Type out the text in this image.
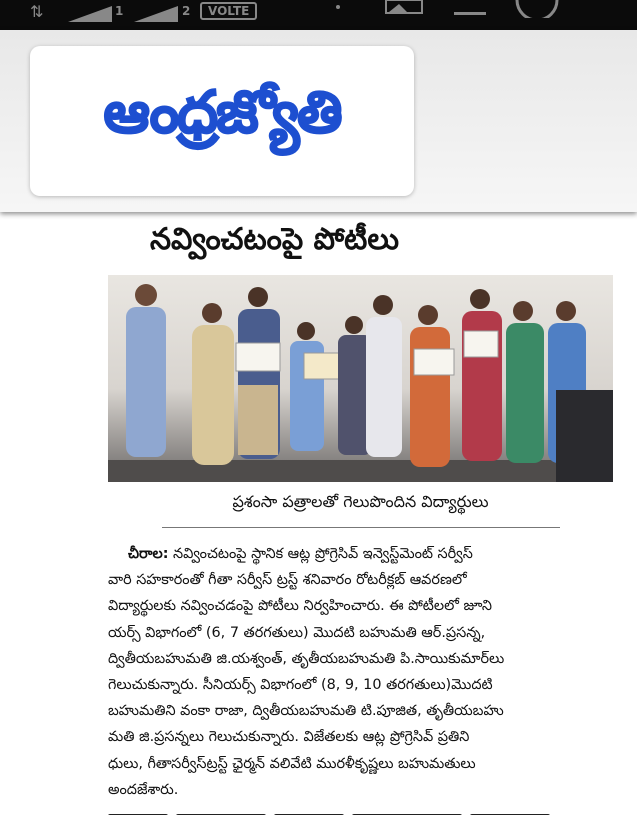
⇅	1	2	VOLTE
ఆంధ్రజ్యోతి
నవ్వించటంపై పోటీలు
ప్రశంసా పత్రాలతో గెలుపొందిన విద్యార్థులు
చీరాల: నవ్వించటంపై స్థానిక ఆట్ల ప్రోగ్రెసివ్ ఇన్వెస్ట్‌మెంట్ సర్వీస్
వారి సహకారంతో గీతా సర్వీస్ ట్రస్ట్ శనివారం రోటరీక్లబ్ ఆవరణలో
విద్యార్థులకు నవ్వించడంపై పోటీలు నిర్వహించారు. ఈ పోటీలలో జూని
యర్స్ విభాగంలో (6, 7 తరగతులు) మొదటి బహుమతి ఆర్.ప్రసన్న,
ద్వితీయబహుమతి జి.యశ్వంత్, తృతీయబహుమతి పి.సాయికుమార్‌లు
గెలుచుకున్నారు. సీనియర్స్ విభాగంలో (8, 9, 10 తరగతులు)మొదటి
బహుమతిని వంకా రాజా, ద్వితీయబహుమతి టి.పూజిత, తృతీయబహు
మతి జి.ప్రసన్నలు గెలుచుకున్నారు. విజేతలకు ఆట్ల ప్రోగ్రెసివ్ ప్రతిని
ధులు, గీతాసర్వీస్‌ట్రస్ట్ ఛైర్మన్ వలివేటి మురళీకృష్ణలు బహుమతులు
అందజేశారు.
